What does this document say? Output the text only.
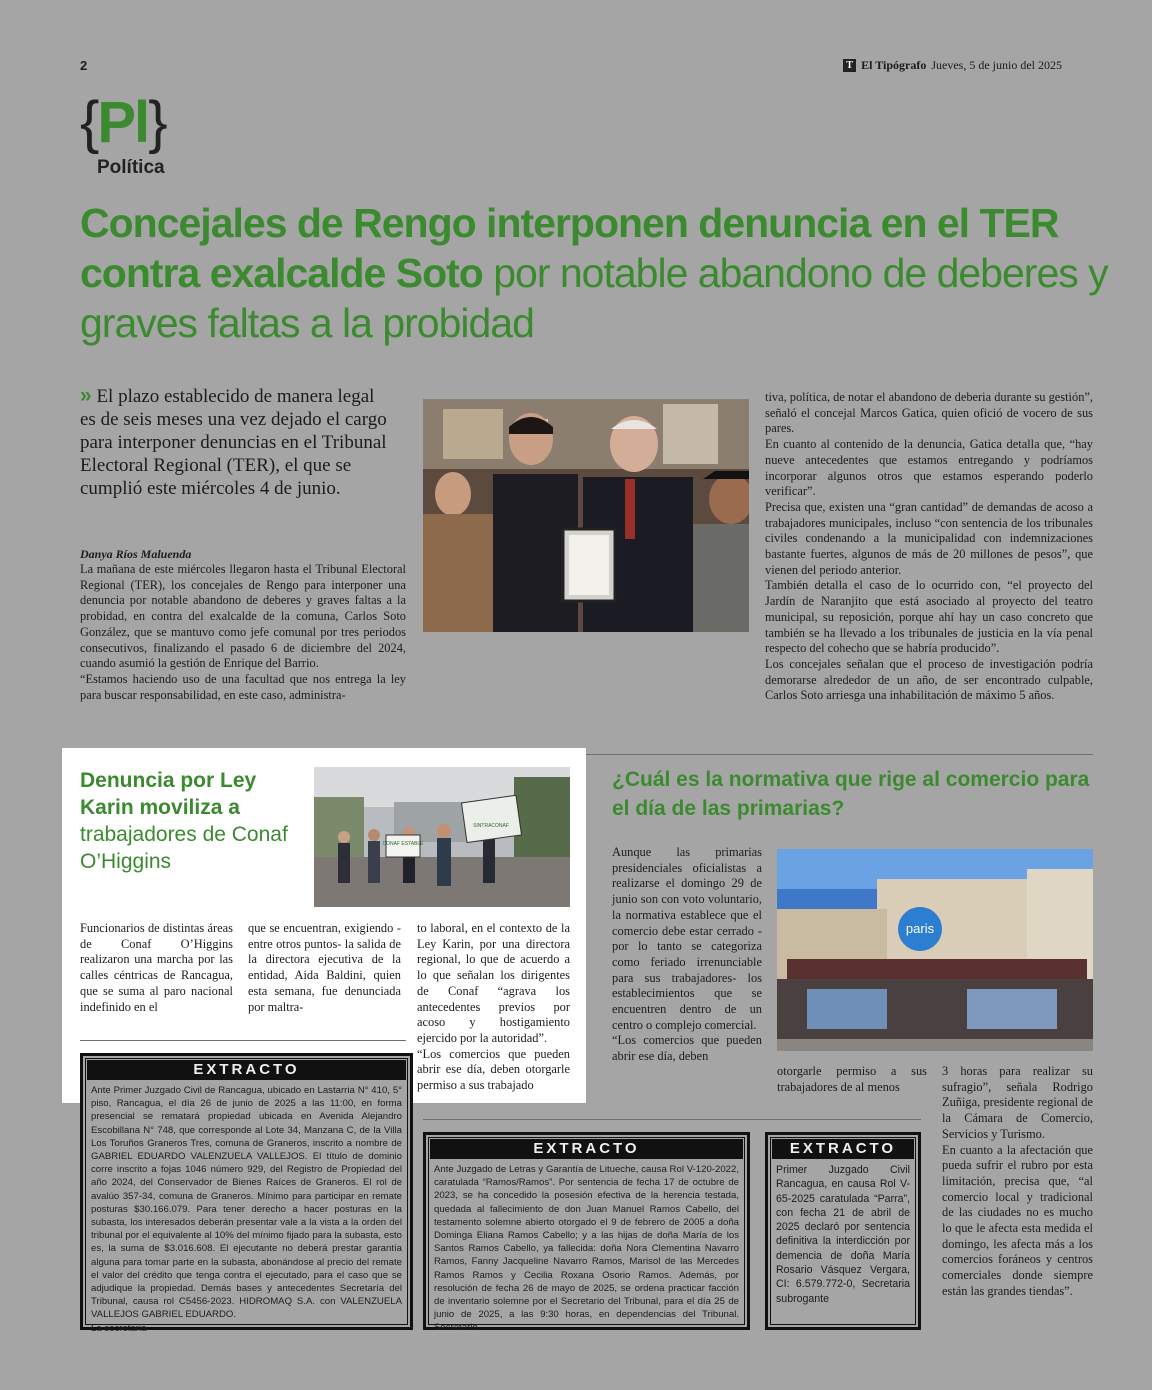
2	T El Tipógrafo Jueves, 5 de junio del 2025
{Pl}
Política
Concejales de Rengo interponen denuncia en el TER contra exalcalde Soto por notable abandono de deberes y graves faltas a la probidad
» El plazo establecido de manera legal es de seis meses una vez dejado el cargo para interponer denuncias en el Tribunal Electoral Regional (TER), el que se cumplió este miércoles 4 de junio.
Danya Ríos Maluenda

La mañana de este miércoles llegaron hasta el Tribunal Electoral Regional (TER), los concejales de Rengo para interponer una denuncia por notable abandono de deberes y graves faltas a la probidad, en contra del exalcalde de la comuna, Carlos Soto González, que se mantuvo como jefe comunal por tres periodos consecutivos, finalizando el pasado 6 de diciembre del 2024, cuando asumió la gestión de Enrique del Barrio.

“Estamos haciendo uso de una facultad que nos entrega la ley para buscar responsabilidad, en este caso, administra-

tiva, política, de notar el abandono de deberia durante su gestión”, señaló el concejal Marcos Gatica, quien ofició de vocero de sus pares.

En cuanto al contenido de la denuncia, Gatica detalla que, “hay nueve antecedentes que estamos entregando y podríamos incorporar algunos otros que estamos esperando poderlo verificar”.

Precisa que, existen una “gran cantidad” de demandas de acoso a trabajadores municipales, incluso “con sentencia de los tribunales civiles condenando a la municipalidad con indemnizaciones bastante fuertes, algunos de más de 20 millones de pesos”, que vienen del periodo anterior.

También detalla el caso de lo ocurrido con, “el proyecto del Jardín de Naranjito que está asociado al proyecto del teatro municipal, su reposición, porque ahí hay un caso concreto que también se ha llevado a los tribunales de justicia en la vía penal respecto del cohecho que se habría producido”.

Los concejales señalan que el proceso de investigación podría demorarse alrededor de un año, de ser encontrado culpable, Carlos Soto arriesga una inhabilitación de máximo 5 años.

Denuncia por Ley Karin moviliza a
trabajadores de Conaf O’Higgins
CONAF ESTABLE
SINTRACONAF
Funcionarios de distintas áreas de Conaf O’Higgins realizaron una marcha por las calles céntricas de Rancagua, que se suma al paro nacional indefinido en el
que se encuentran, exigiendo -entre otros puntos- la salida de la directora ejecutiva de la entidad, Aida Baldini, quien esta semana, fue denunciada por maltra-

to laboral, en el contexto de la Ley Karin, por una directora regional, lo que de acuerdo a lo que señalan los dirigentes de Conaf “agrava los antecedentes previos por acoso y hostigamiento ejercido por la autoridad”.

“Los comercios que pueden abrir ese día, deben otorgarle permiso a sus trabajado

¿Cuál es la normativa que rige al comercio para el día de las primarias?

Aunque las primarias presidenciales oficialistas a realizarse el domingo 29 de junio son con voto voluntario, la normativa establece que el comercio debe estar cerrado -por lo tanto se categoriza como feriado irrenunciable para sus trabajadores- los establecimientos que se encuentren dentro de un centro o complejo comercial.

“Los comercios que pueden abrir ese día, deben

paris
otorgarle permiso a sus trabajadores de al menos

3 horas para realizar su sufragio”, señala Rodrigo Zuñiga, presidente regional de la Cámara de Comercio, Servicios y Turismo.

En cuanto a la afectación que pueda sufrir el rubro por esta limitación, precisa que, “al comercio local y tradicional de las ciudades no es mucho lo que le afecta esta medida el domingo, les afecta más a los comercios foráneos y centros comerciales donde siempre están las grandes tiendas”.

EXTRACTO
Ante Primer Juzgado Civil de Rancagua, ubicado en Lastarria N° 410, 5° piso, Rancagua, el día 26 de junio de 2025 a las 11:00, en forma presencial se rematará propiedad ubicada en Avenida Alejandro Escobillana N° 748, que corresponde al Lote 34, Manzana C, de la Villa Los Toruños Graneros Tres, comuna de Graneros, inscrito a nombre de GABRIEL EDUARDO VALENZUELA VALLEJOS. El título de dominio corre inscrito a fojas 1046 número 929, del Registro de Propiedad del año 2024, del Conservador de Bienes Raíces de Graneros. El rol de avalúo 357-34, comuna de Graneros. Mínimo para participar en remate posturas $30.166.079. Para tener derecho a hacer posturas en la subasta, los interesados deberán presentar vale a la vista a la orden del tribunal por el equivalente al 10% del mínimo fijado para la subasta, esto es, la suma de $3.016.608. El ejecutante no deberá prestar garantía alguna para tomar parte en la subasta, abonándose al precio del remate el valor del crédito que tenga contra el ejecutado, para el caso que se adjudique la propiedad. Demás bases y antecedentes Secretaría del Tribunal, causa rol C5456-2023. HIDROMAQ S.A. con VALENZUELA VALLEJOS GABRIEL EDUARDO.
La secretaria
EXTRACTO
Ante Juzgado de Letras y Garantía de Litueche, causa Rol V-120-2022, caratulada “Ramos/Ramos”. Por sentencia de fecha 17 de octubre de 2023, se ha concedido la posesión efectiva de la herencia testada, quedada al fallecimiento de don Juan Manuel Ramos Cabello, del testamento solemne abierto otorgado el 9 de febrero de 2005 a doña Dominga Eliana Ramos Cabello; y a las hijas de doña María de los Santos Ramos Cabello, ya fallecida: doña Nora Clementina Navarro Ramos, Fanny Jacqueline Navarro Ramos, Marisol de las Mercedes Ramos Ramos y Cecilia Roxana Osorio Ramos. Además, por resolución de fecha 26 de mayo de 2025, se ordena practicar facción de inventario solemne por el Secretario del Tribunal, para el día 25 de junio de 2025, a las 9:30 horas, en dependencias del Tribunal. Secretario.
EXTRACTO
Primer Juzgado Civil Rancagua, en causa Rol V-65-2025 caratulada “Parra”, con fecha 21 de abril de 2025 declaró por sentencia definitiva la interdicción por demencia de doña María Rosario Vásquez Vergara, CI: 6.579.772-0, Secretaria subrogante
